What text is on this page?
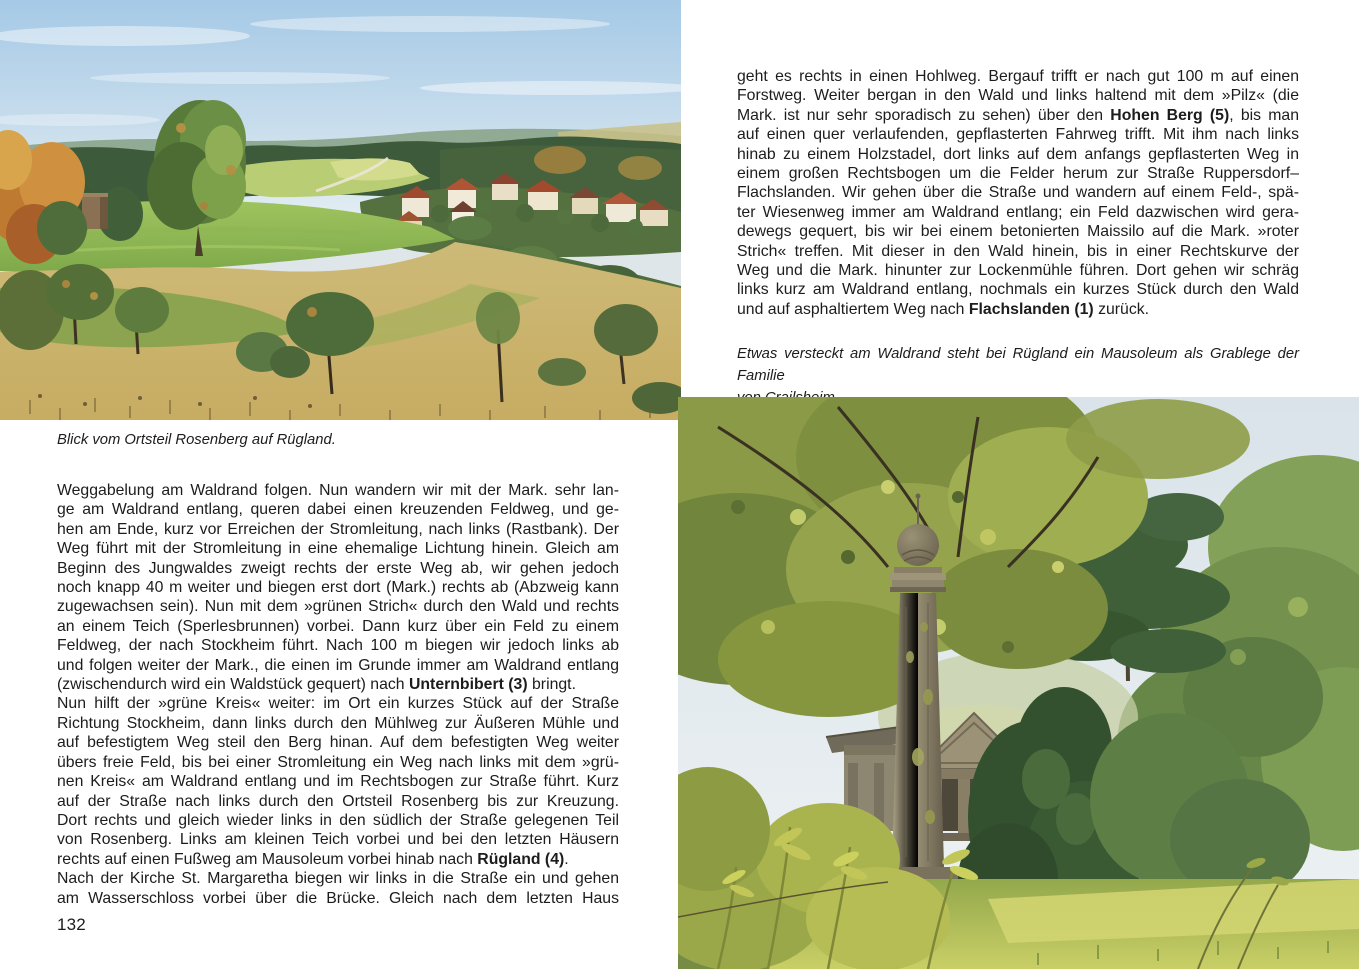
Blick vom Ortsteil Rosenberg auf Rügland.
Weggabelung am Waldrand folgen. Nun wandern wir mit der Mark. sehr lan-
ge am Waldrand entlang, queren dabei einen kreuzenden Feldweg, und ge-
hen am Ende, kurz vor Erreichen der Stromleitung, nach links (Rastbank). Der
Weg führt mit der Stromleitung in eine ehemalige Lichtung hinein. Gleich am
Beginn des Jungwaldes zweigt rechts der erste Weg ab, wir gehen jedoch
noch knapp 40 m weiter und biegen erst dort (Mark.) rechts ab (Abzweig kann
zugewachsen sein). Nun mit dem »grünen Strich« durch den Wald und rechts
an einem Teich (Sperlesbrunnen) vorbei. Dann kurz über ein Feld zu einem
Feldweg, der nach Stockheim führt. Nach 100 m biegen wir jedoch links ab
und folgen weiter der Mark., die einen im Grunde immer am Waldrand entlang
(zwischendurch wird ein Waldstück gequert) nach Unternbibert (3) bringt.
Nun hilft der »grüne Kreis« weiter: im Ort ein kurzes Stück auf der Straße
Richtung Stockheim, dann links durch den Mühlweg zur Äußeren Mühle und
auf befestigtem Weg steil den Berg hinan. Auf dem befestigten Weg weiter
übers freie Feld, bis bei einer Stromleitung ein Weg nach links mit dem »grü-
nen Kreis« am Waldrand entlang und im Rechtsbogen zur Straße führt. Kurz
auf der Straße nach links durch den Ortsteil Rosenberg bis zur Kreuzung.
Dort rechts und gleich wieder links in den südlich der Straße gelegenen Teil
von Rosenberg. Links am kleinen Teich vorbei und bei den letzten Häusern
rechts auf einen Fußweg am Mausoleum vorbei hinab nach Rügland (4).
Nach der Kirche St. Margaretha biegen wir links in die Straße ein und gehen
am Wasserschloss vorbei über die Brücke. Gleich nach dem letzten Haus
132
geht es rechts in einen Hohlweg. Bergauf trifft er nach gut 100 m auf einen
Forstweg. Weiter bergan in den Wald und links haltend mit dem »Pilz« (die
Mark. ist nur sehr sporadisch zu sehen) über den Hohen Berg (5), bis man
auf einen quer verlaufenden, gepflasterten Fahrweg trifft. Mit ihm nach links
hinab zu einem Holzstadel, dort links auf dem anfangs gepflasterten Weg in
einem großen Rechtsbogen um die Felder herum zur Straße Ruppersdorf–
Flachslanden. Wir gehen über die Straße und wandern auf einem Feld-, spä-
ter Wiesenweg immer am Waldrand entlang; ein Feld dazwischen wird gera-
dewegs gequert, bis wir bei einem betonierten Maissilo auf die Mark. »roter
Strich« treffen. Mit dieser in den Wald hinein, bis in einer Rechtskurve der
Weg und die Mark. hinunter zur Lockenmühle führen. Dort gehen wir schräg
links kurz am Waldrand entlang, nochmals ein kurzes Stück durch den Wald
und auf asphaltiertem Weg nach Flachslanden (1) zurück.
Etwas versteckt am Waldrand steht bei Rügland ein Mausoleum als Grablege der Familie
